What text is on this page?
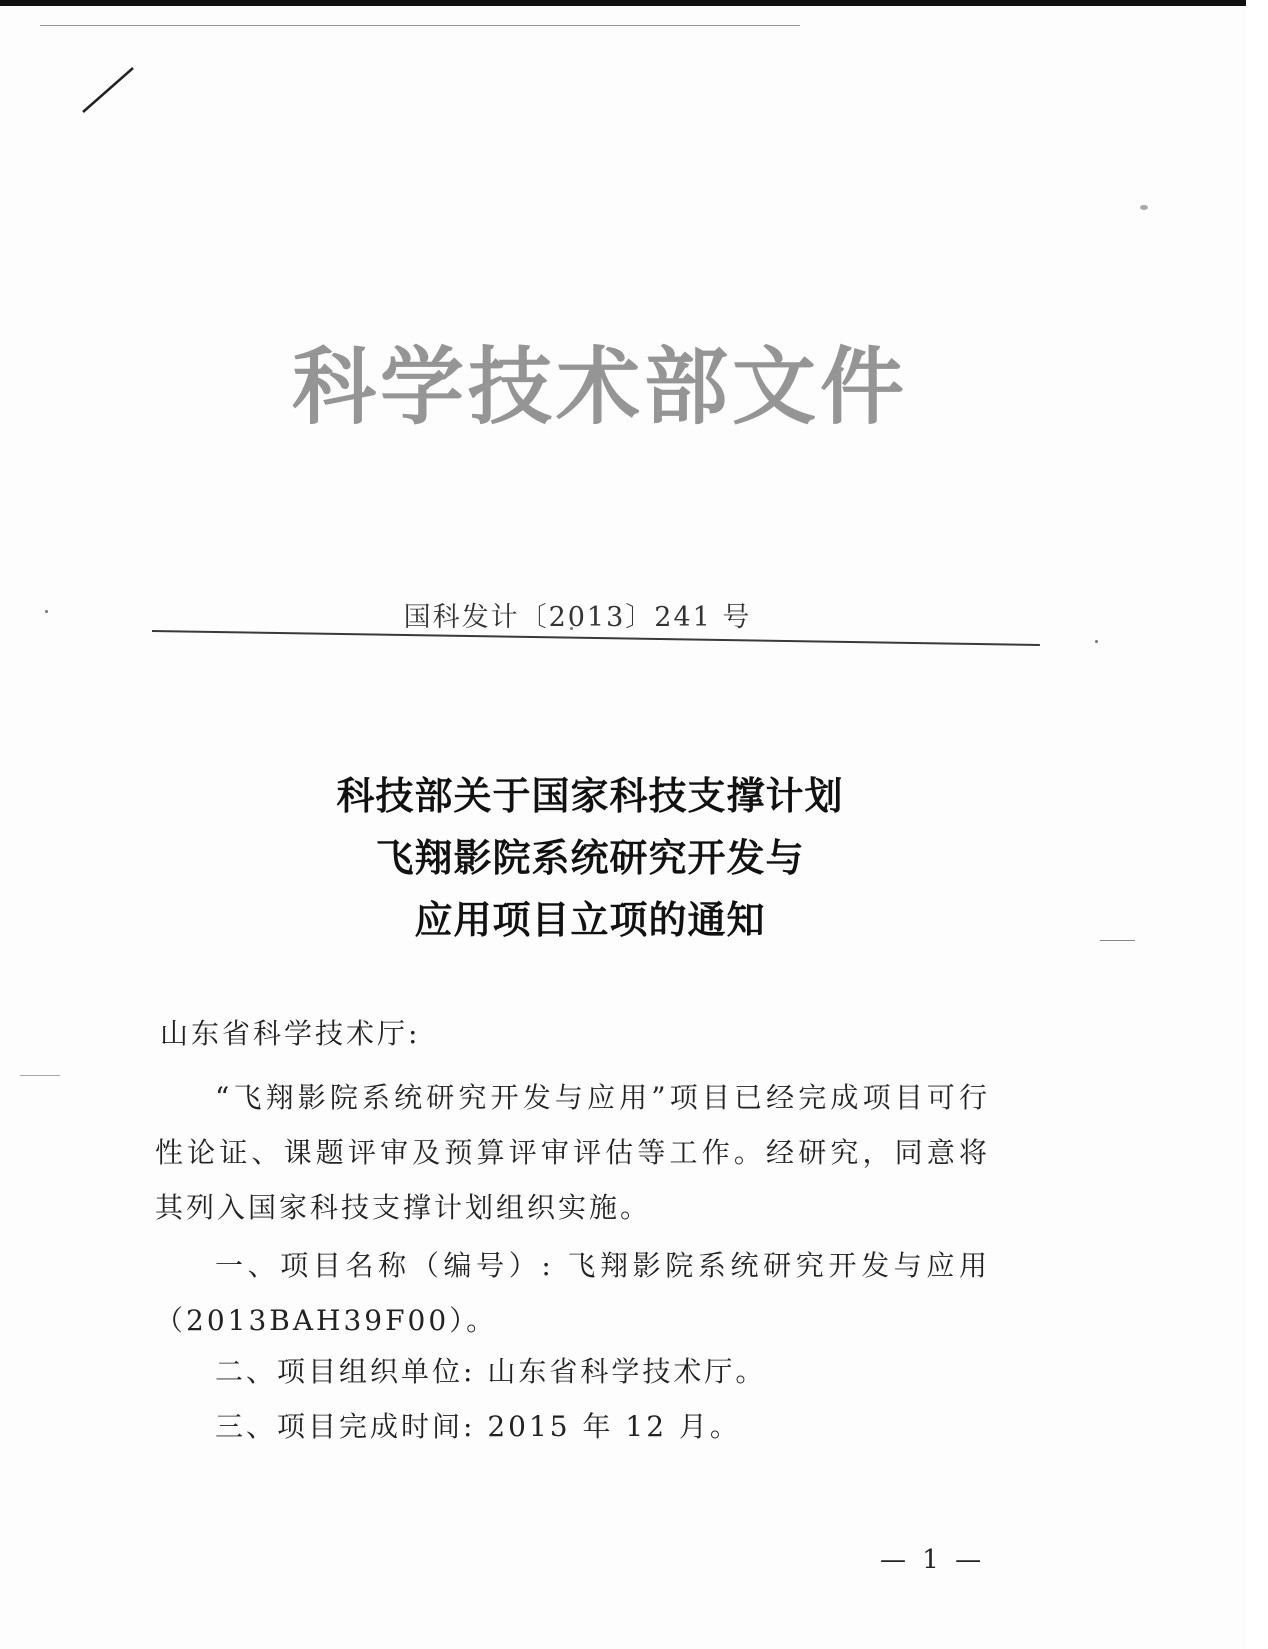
科学技术部文件
国科发计〔2013〕241 号
科技部关于国家科技支撑计划
飞翔影院系统研究开发与
应用项目立项的通知
山东省科学技术厅:
“飞翔影院系统研究开发与应用”项目已经完成项目可行性论证、课题评审及预算评审评估等工作。经研究，同意将其列入国家科技支撑计划组织实施。
一、项目名称（编号）: 飞翔影院系统研究开发与应用（2013BAH39F00）。
二、项目组织单位: 山东省科学技术厅。
三、项目完成时间: 2015 年 12 月。
— 1 —
